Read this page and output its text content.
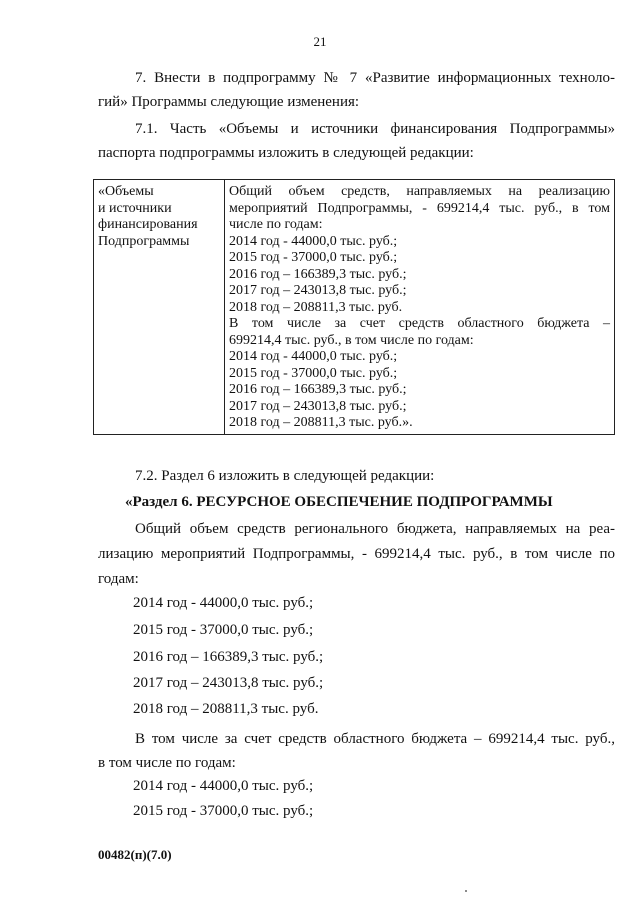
21

7. Внести в подпрограмму № 7 «Развитие информационных техноло-

гий» Программы следующие изменения:

7.1. Часть «Объемы и источники финансирования Подпрограммы»

паспорта подпрограммы изложить в следующей редакции:

«Объемы
и источники
финансирования
Подпрограммы

Общий объем средств, направляемых на реализацию
мероприятий Подпрограммы, - 699214,4 тыс. руб., в том
числе по годам:
2014 год - 44000,0 тыс. руб.;
2015 год - 37000,0 тыс. руб.;
2016 год – 166389,3 тыс. руб.;
2017 год – 243013,8 тыс. руб.;
2018 год – 208811,3 тыс. руб.
В том числе за счет средств областного бюджета –
699214,4 тыс. руб., в том числе по годам:
2014 год - 44000,0 тыс. руб.;
2015 год - 37000,0 тыс. руб.;
2016 год – 166389,3 тыс. руб.;
2017 год – 243013,8 тыс. руб.;
2018 год – 208811,3 тыс. руб.».

7.2. Раздел 6 изложить в следующей редакции:

«Раздел 6. РЕСУРСНОЕ ОБЕСПЕЧЕНИЕ ПОДПРОГРАММЫ

Общий объем средств регионального бюджета, направляемых на реа-

лизацию мероприятий Подпрограммы, - 699214,4 тыс. руб., в том числе по

годам:

2014 год - 44000,0 тыс. руб.;
2015 год - 37000,0 тыс. руб.;
2016 год – 166389,3 тыс. руб.;
2017 год – 243013,8 тыс. руб.;
2018 год – 208811,3 тыс. руб.

В том числе за счет средств областного бюджета – 699214,4 тыс. руб.,

в том числе по годам:

2014 год - 44000,0 тыс. руб.;
2015 год - 37000,0 тыс. руб.;
00482(п)(7.0)
